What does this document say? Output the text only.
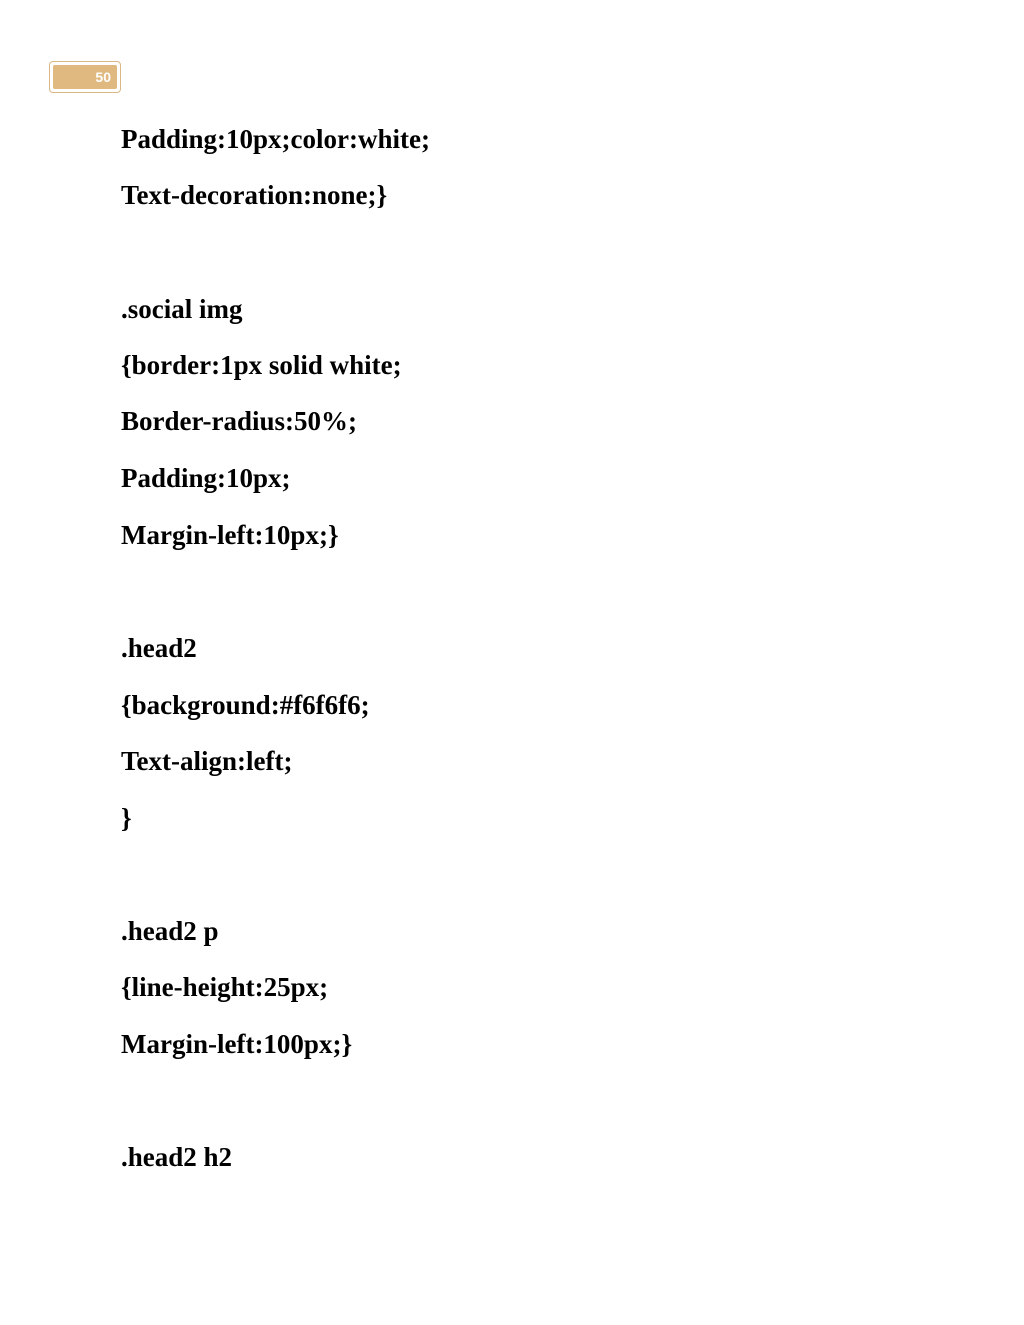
50

Padding:10px;color:white;

Text-decoration:none;}

.social img

{border:1px solid white;

Border-radius:50%;

Padding:10px;

Margin-left:10px;}

.head2

{background:#f6f6f6;

Text-align:left;

}

.head2 p

{line-height:25px;

Margin-left:100px;}

.head2 h2
